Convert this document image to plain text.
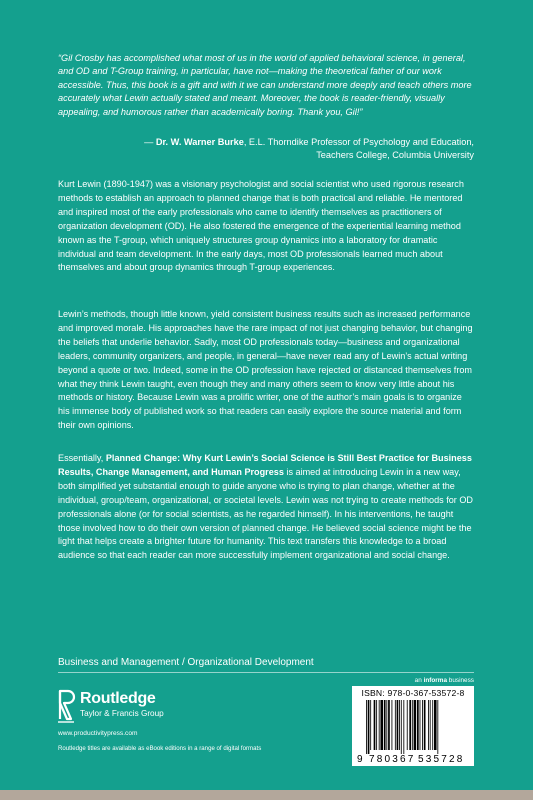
“Gil Crosby has accomplished what most of us in the world of applied behavioral science, in general, and OD and T-Group training, in particular, have not—making the theoretical father of our work accessible. Thus, this book is a gift and with it we can understand more deeply and teach others more accurately what Lewin actually stated and meant. Moreover, the book is reader-friendly, visually appealing, and humorous rather than academically boring. Thank you, Gil!”

— Dr. W. Warner Burke, E.L. Thorndike Professor of Psychology and Education,
Teachers College, Columbia University

Kurt Lewin (1890-1947) was a visionary psychologist and social scientist who used rigorous research methods to establish an approach to planned change that is both practical and reliable. He mentored and inspired most of the early professionals who came to identify themselves as practitioners of organization development (OD). He also fostered the emergence of the experiential learning method known as the T-group, which uniquely structures group dynamics into a laboratory for dramatic individual and team development. In the early days, most OD professionals learned much about themselves and about group dynamics through T-group experiences.

Lewin’s methods, though little known, yield consistent business results such as increased performance and improved morale. His approaches have the rare impact of not just changing behavior, but changing the beliefs that underlie behavior. Sadly, most OD professionals today—business and organizational leaders, community organizers, and people, in general—have never read any of Lewin’s actual writing beyond a quote or two. Indeed, some in the OD profession have rejected or distanced themselves from what they think Lewin taught, even though they and many others seem to know very little about his methods or history. Because Lewin was a prolific writer, one of the author’s main goals is to organize his immense body of published work so that readers can easily explore the source material and form their own opinions.

Essentially, Planned Change: Why Kurt Lewin’s Social Science is Still Best Practice for Business Results, Change Management, and Human Progress is aimed at introducing Lewin in a new way, both simplified yet substantial enough to guide anyone who is trying to plan change, whether at the individual, group/team, organizational, or societal levels. Lewin was not trying to create methods for OD professionals alone (or for social scientists, as he regarded himself). In his interventions, he taught those involved how to do their own version of planned change. He believed social science might be the light that helps create a brighter future for humanity. This text transfers this knowledge to a broad audience so that each reader can more successfully implement organizational and social change.

Business and Management / Organizational Development
an informa business
Routledge
Taylor & Francis Group
www.productivitypress.com
Routledge titles are available as eBook editions in a range of digital formats
ISBN: 978-0-367-53572-8
9 780367 535728
